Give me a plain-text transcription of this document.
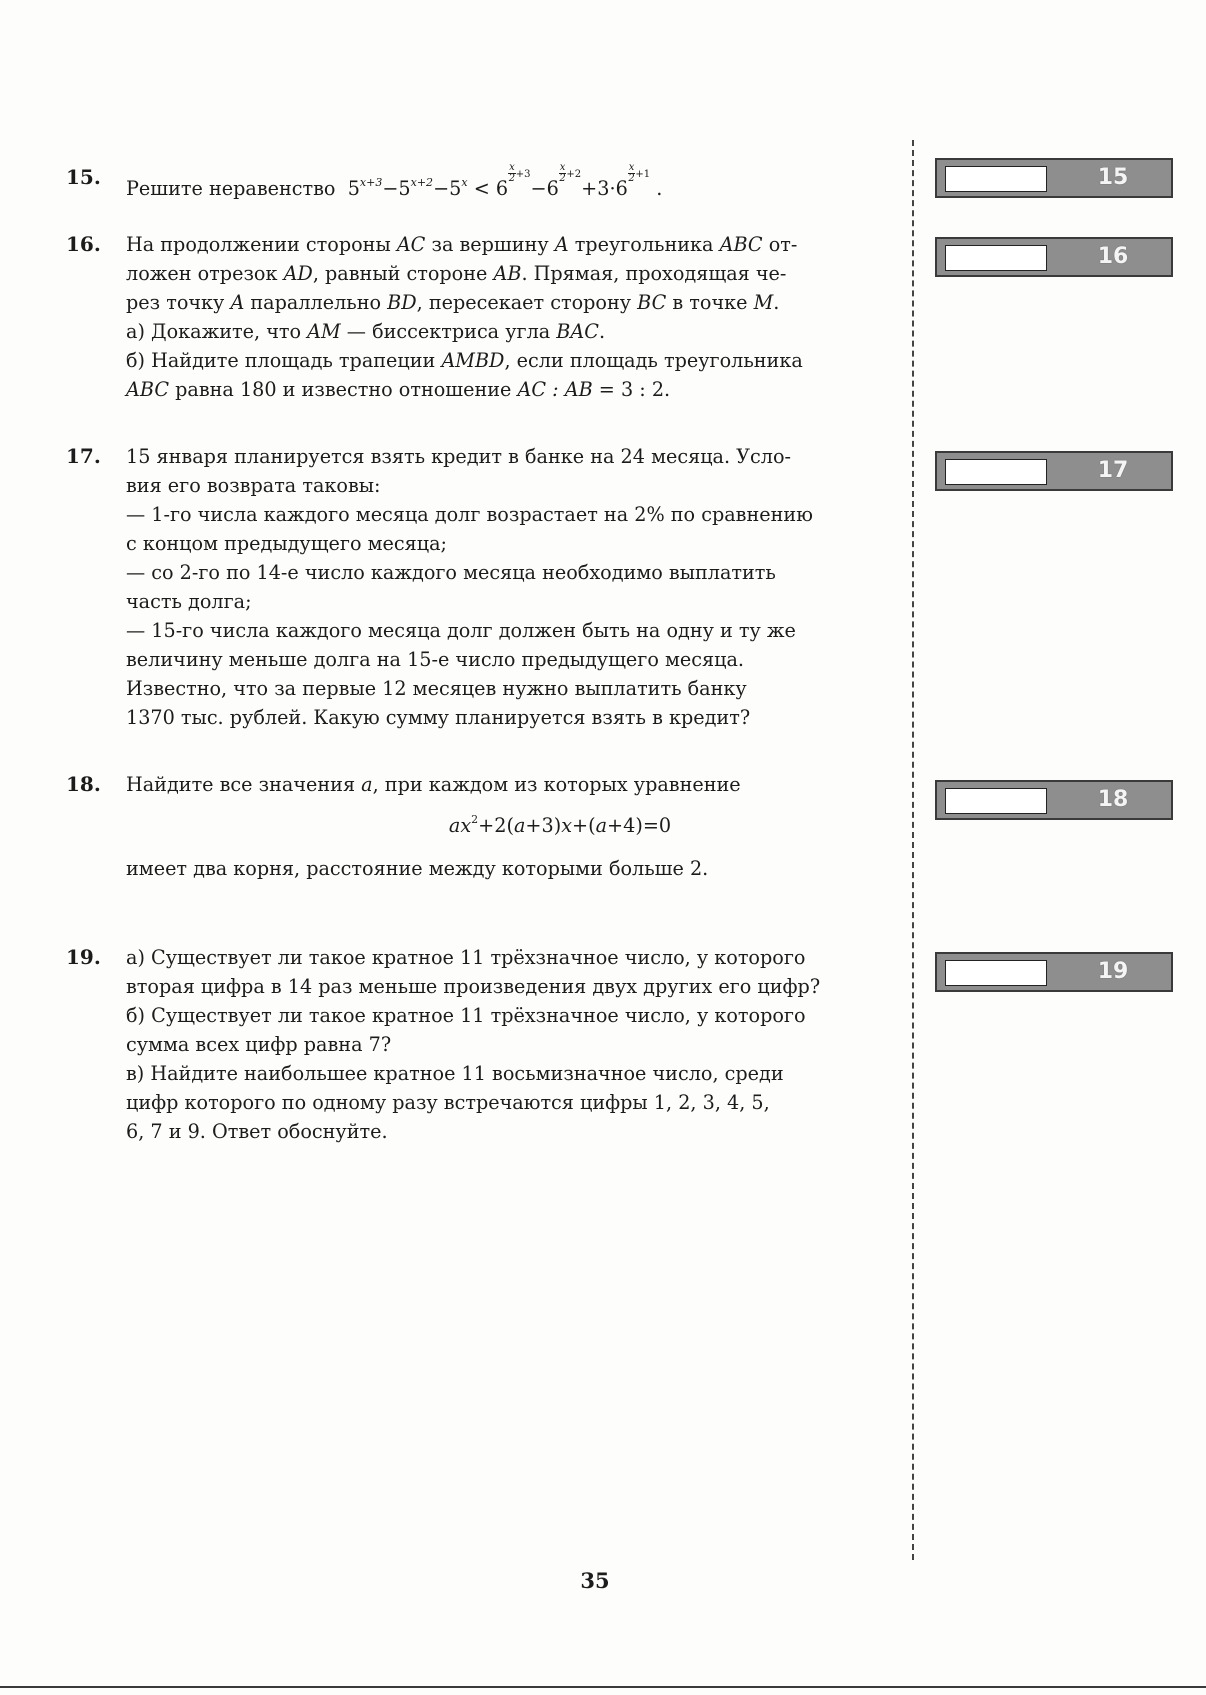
15. Решите неравенство $5^{x+3}-5^{x+2}-5^x < 6$
$\frac{x}{2} ^{+3}-6$
$\frac{x}{2} ^{+2}+3\cdot 6$
$\frac{x}{2} ^{+1}$ .
16. На продолжении стороны AC за вершину A треугольника ABC от-
ложен отрезок AD, равный стороне AB. Прямая, проходящая че-
рез точку A параллельно BD, пересекает сторону BC в точке M.
а) Докажите, что AM — биссектриса угла BAC.
б) Найдите площадь трапеции AMBD, если площадь треугольника
ABC равна 180 и известно отношение AC : AB = 3 : 2.
17. 15 января планируется взять кредит в банке на 24 месяца. Усло-
вия его возврата таковы:
— 1-го числа каждого месяца долг возрастает на 2% по сравнению
с концом предыдущего месяца;
— со 2-го по 14-е число каждого месяца необходимо выплатить
часть долга;
— 15-го числа каждого месяца долг должен быть на одну и ту же
величину меньше долга на 15-е число предыдущего месяца.
Известно, что за первые 12 месяцев нужно выплатить банку
1370 тыс. рублей. Какую сумму планируется взять в кредит?
18. Найдите все значения a, при каждом из которых уравнение
$ax^2+2(a+3)x+(a+4)=0$
имеет два корня, расстояние между которыми больше 2.
19. а) Существует ли такое кратное 11 трёхзначное число, у которого
вторая цифра в 14 раз меньше произведения двух других его цифр?
б) Существует ли такое кратное 11 трёхзначное число, у которого
сумма всех цифр равна 7?
в) Найдите наибольшее кратное 11 восьмизначное число, среди
цифр которого по одному разу встречаются цифры 1, 2, 3, 4, 5,
6, 7 и 9. Ответ обоснуйте.
15
16
17
18
19
35
